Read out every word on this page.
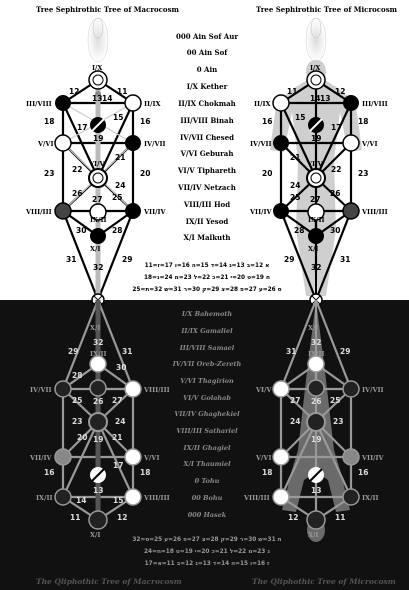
Tree Sephirothic Tree of Macrocosm	Tree Sephirothic Tree of Microcosm
The Qliphothic Tree of Macrocosm	The Qliphothic Tree of Microcosm
I/X
III/VIII	II/IX
V/VI	IV/VII
VI/V
VIII/III	VII/IV
IX/II
X/I
12
13 14
11
17
15
18	16
19
22
21
23
24
20
26
27 25
30	28
31	29
32
I/X
II/IX	III/VIII
IV/VII	V/VI
VI/V
VII/IV	VIII/III
IX/II
X/I
11
14 13
12
15
17
16	18
19
21
22
20
24
23
25 27
26
28	30
29	31
32
000 Ain Sof Aur
00 Ain Sof
0 Ain
I/X Kether
II/IX Chokmah
III/VIII Binah
IV/VII Chesed
V/VI Geburah
VI/V Tiphareth
VII/IV Netzach
VIII/III Hod
IX/II Yesod
X/I Malkuth
11=א 12=ב 13=ג 14=ד 15=ה 16=ו 17=ז
18=ח 19=ט 20=י 21=כ 22=ל 23=מ 24=נ
25=ס 26=ע 27=פ 28=צ 29=ק 30=ר 31=ש 32=ת
X/I
IX/II
IV/VII	VIII/III
VII/IV	V/VI
IX/II	VIII/III
X/I
29
32
30
31
28
25 26 27
23	24
19
20	21
16	18
17
13
14	15
11	12
X/I
IX/II
VI/V	IV/VII
V/VI	VII/IV
VIII/III	IX/II
X/I
31
32
29
27 26 25
24	23
19
18	16
13
12	11
I/X Bahemoth
II/IX Gamaliel
III/VIII Samael
IV/VII Oreb-Zereth
V/VI Thagirion
VI/V Golahab
VII/IV Ghaghekiel
VIII/III Sathariel
IX/II Ghagiel
X/I Thaumiel
0 Tohu
00 Bohu
000 Hasek
32=ת 31=ש 30=ר 29=ק 28=צ 27=פ 26=ע 25=ס
24=נ 23=מ 22=ל 21=כ 20=י 19=ט 18=ח
17=ז 16=ו 15=ה 14=ד 13=ג 12=ב 11=א
